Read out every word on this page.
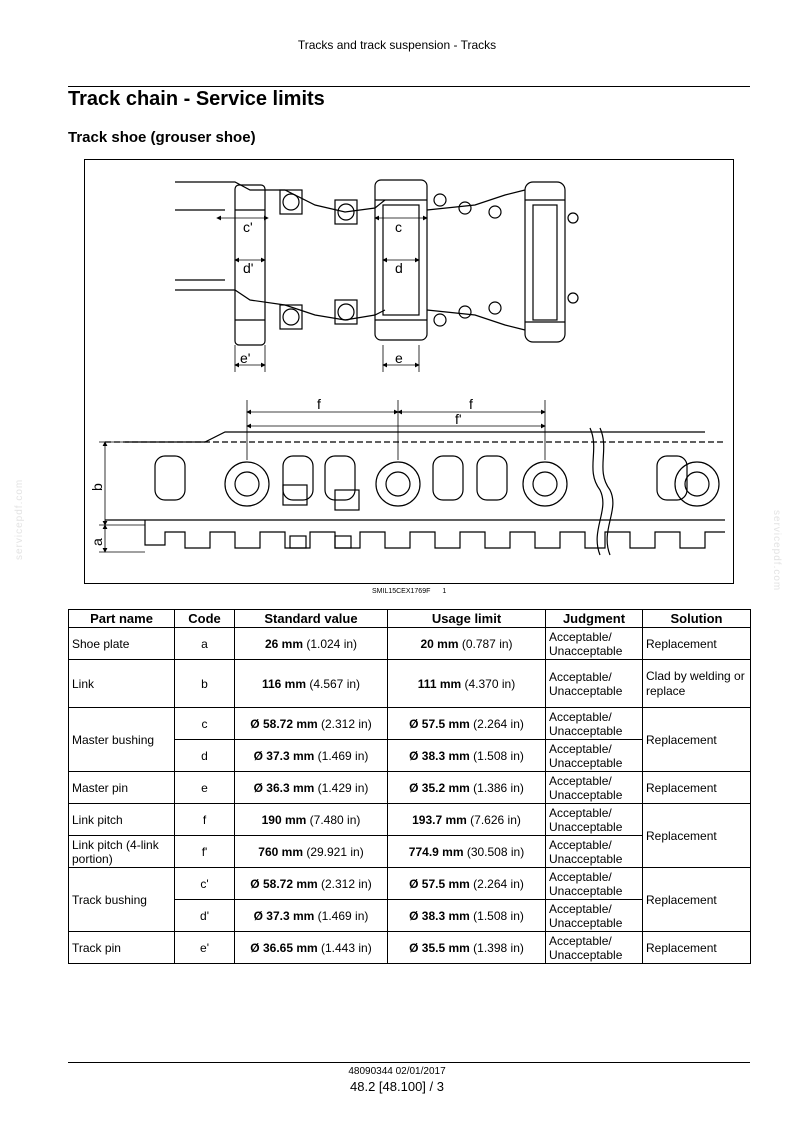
Tracks and track suspension - Tracks
Track chain - Service limits
Track shoe (grouser shoe)
servicepdf.com	servicepdf.com
c'	c
d'	d
e'	e
f	f
f'
b
a
SMIL15CEX1769F 1
Part name	Code	Standard value	Usage limit	Judgment	Solution
Shoe plate	a	26 mm (1.024 in)	20 mm (0.787 in)	Acceptable/ Unacceptable	Replacement
Link	b	116 mm (4.567 in)	111 mm (4.370 in)	Acceptable/ Unacceptable	Clad by welding or replace
Master bushing	c	Ø 58.72 mm (2.312 in)	Ø 57.5 mm (2.264 in)	Acceptable/ Unacceptable	Replacement
	d	Ø 37.3 mm (1.469 in)	Ø 38.3 mm (1.508 in)	Acceptable/ Unacceptable	
Master pin	e	Ø 36.3 mm (1.429 in)	Ø 35.2 mm (1.386 in)	Acceptable/ Unacceptable	Replacement
Link pitch	f	190 mm (7.480 in)	193.7 mm (7.626 in)	Acceptable/ Unacceptable	Replacement
Link pitch (4-link portion)	f'	760 mm (29.921 in)	774.9 mm (30.508 in)	Acceptable/ Unacceptable	
Track bushing	c'	Ø 58.72 mm (2.312 in)	Ø 57.5 mm (2.264 in)	Acceptable/ Unacceptable	Replacement
	d'	Ø 37.3 mm (1.469 in)	Ø 38.3 mm (1.508 in)	Acceptable/ Unacceptable	
Track pin	e'	Ø 36.65 mm (1.443 in)	Ø 35.5 mm (1.398 in)	Acceptable/ Unacceptable	Replacement
48090344 02/01/2017
48.2 [48.100] / 3
